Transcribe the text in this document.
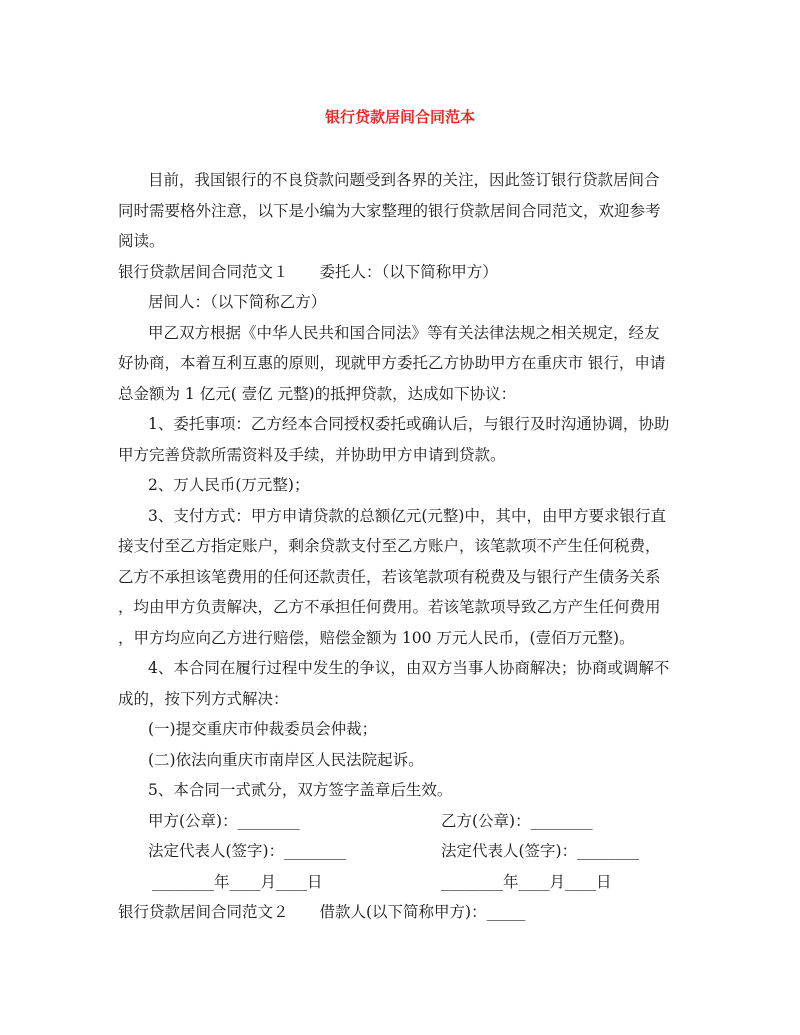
银行贷款居间合同范本
目前，我国银行的不良贷款问题受到各界的关注，因此签订银行贷款居间合
同时需要格外注意，以下是小编为大家整理的银行贷款居间合同范文，欢迎参考
阅读。
银行贷款居间合同范文１　　委托人：（以下简称甲方）
居间人：（以下简称乙方）
甲乙双方根据《中华人民共和国合同法》等有关法律法规之相关规定，经友
好协商，本着互利互惠的原则，现就甲方委托乙方协助甲方在重庆市 银行，申请
总金额为 1 亿元( 壹亿 元整)的抵押贷款，达成如下协议：
1、委托事项：乙方经本合同授权委托或确认后，与银行及时沟通协调，协助
甲方完善贷款所需资料及手续，并协助甲方申请到贷款。
2、万人民币(万元整)；
3、支付方式：甲方申请贷款的总额亿元(元整)中，其中，由甲方要求银行直
接支付至乙方指定账户，剩余贷款支付至乙方账户，该笔款项不产生任何税费，
乙方不承担该笔费用的任何还款责任，若该笔款项有税费及与银行产生债务关系
，均由甲方负责解决，乙方不承担任何费用。若该笔款项导致乙方产生任何费用
，甲方均应向乙方进行赔偿，赔偿金额为 100 万元人民币，(壹佰万元整)。
4、本合同在履行过程中发生的争议，由双方当事人协商解决；协商或调解不
成的，按下列方式解决：
(一)提交重庆市仲裁委员会仲裁；
(二)依法向重庆市南岸区人民法院起诉。
5、本合同一式贰分，双方签字盖章后生效。
甲方(公章)：________	乙方(公章)：________
法定代表人(签字)：________	法定代表人(签字)：________
________年____月____日	________年____月____日
银行贷款居间合同范文２　　借款人(以下简称甲方)：_____
